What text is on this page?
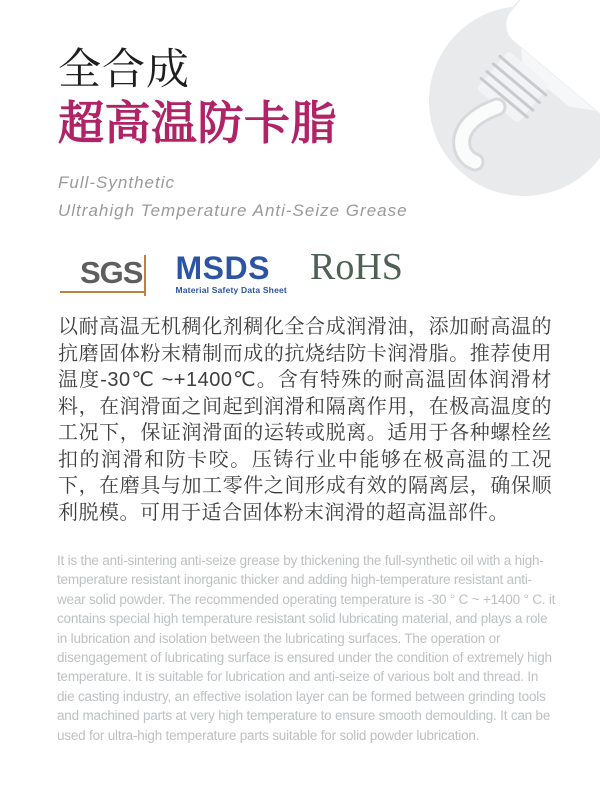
全合成
超高温防卡脂
Full-Synthetic
Ultrahigh Temperature Anti-Seize Grease
SGS	MSDS
Material Safety Data Sheet
RoHS
以耐高温无机稠化剂稠化全合成润滑油，添加耐高温的抗磨固体粉末精制而成的抗烧结防卡润滑脂。推荐使用温度-30℃ ~+1400℃。含有特殊的耐高温固体润滑材料，在润滑面之间起到润滑和隔离作用，在极高温度的工况下，保证润滑面的运转或脱离。适用于各种螺栓丝扣的润滑和防卡咬。压铸行业中能够在极高温的工况下，在磨具与加工零件之间形成有效的隔离层，确保顺利脱模。可用于适合固体粉末润滑的超高温部件。
It is the anti-sintering anti-seize grease by thickening the full-synthetic oil with a high-temperature resistant inorganic thicker and adding high-temperature resistant anti-wear solid powder. The recommended operating temperature is -30 ° C ~ +1400 ° C. it contains special high temperature resistant solid lubricating material, and plays a role in lubrication and isolation between the lubricating surfaces. The operation or disengagement of lubricating surface is ensured under the condition of extremely high temperature. It is suitable for lubrication and anti-seize of various bolt and thread. In die casting industry, an effective isolation layer can be formed between grinding tools and machined parts at very high temperature to ensure smooth demoulding. It can be used for ultra-high temperature parts suitable for solid powder lubrication.
